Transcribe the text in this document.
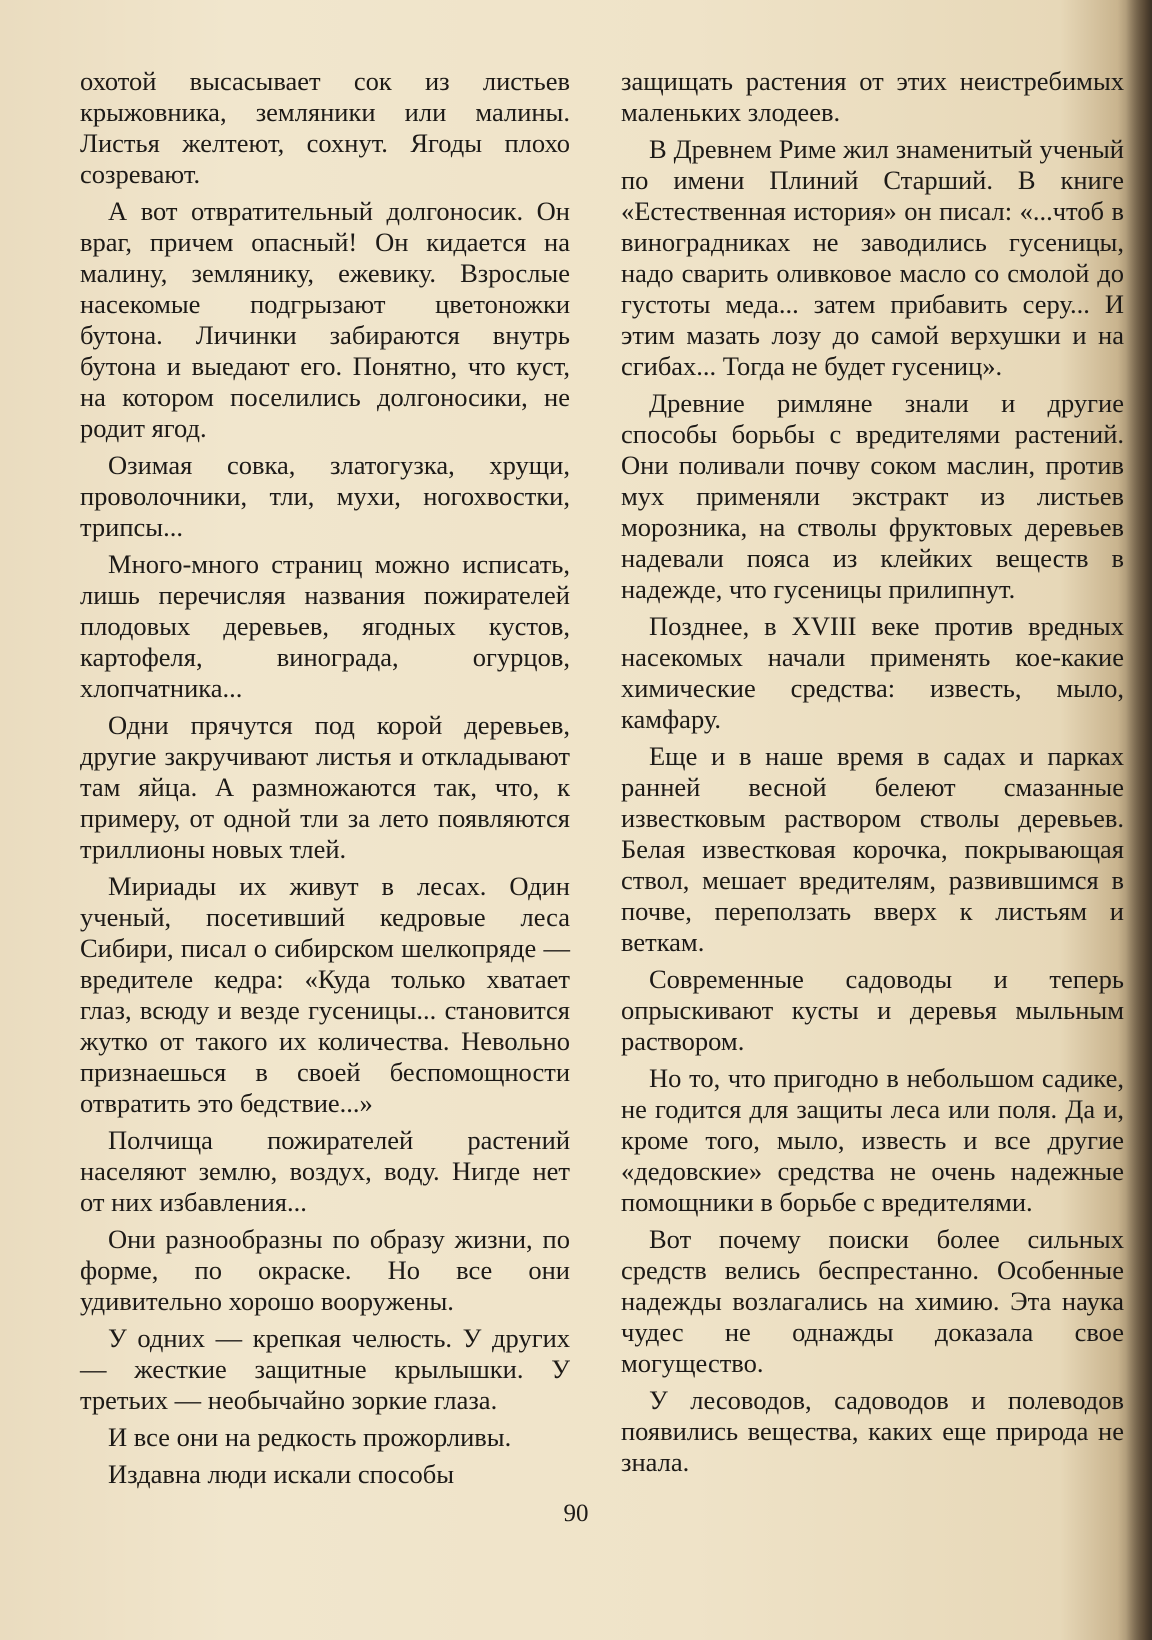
охотой высасывает сок из листьев крыжовника, земляники или малины. Листья желтеют, сохнут. Ягоды плохо созревают.

А вот отвратительный долгоносик. Он враг, причем опасный! Он кидается на малину, землянику, ежевику. Взрослые насекомые подгрызают цветоножки бутона. Личинки забираются внутрь бутона и выедают его. Понятно, что куст, на котором поселились долгоносики, не родит ягод.

Озимая совка, златогузка, хрущи, проволочники, тли, мухи, ногохвостки, трипсы...

Много-много страниц можно исписать, лишь перечисляя названия пожирателей плодовых деревьев, ягодных кустов, картофеля, винограда, огурцов, хлопчатника...

Одни прячутся под корой деревьев, другие закручивают листья и откладывают там яйца. А размножаются так, что, к примеру, от одной тли за лето появляются триллионы новых тлей.

Мириады их живут в лесах. Один ученый, посетивший кедровые леса Сибири, писал о сибирском шелкопряде — вредителе кедра: «Куда только хватает глаз, всюду и везде гусеницы... становится жутко от такого их количества. Невольно признаешься в своей беспомощности отвратить это бедствие...»

Полчища пожирателей растений населяют землю, воздух, воду. Нигде нет от них избавления...

Они разнообразны по образу жизни, по форме, по окраске. Но все они удивительно хорошо вооружены.

У одних — крепкая челюсть. У других — жесткие защитные крылышки. У третьих — необычайно зоркие глаза.

И все они на редкость прожорливы.

Издавна люди искали способы

защищать растения от этих неистребимых маленьких злодеев.

В Древнем Риме жил знаменитый ученый по имени Плиний Старший. В книге «Естественная история» он писал: «...чтоб в виноградниках не заводились гусеницы, надо сварить оливковое масло со смолой до густоты меда... затем прибавить серу... И этим мазать лозу до самой верхушки и на сгибах... Тогда не будет гусениц».

Древние римляне знали и другие способы борьбы с вредителями растений. Они поливали почву соком маслин, против мух применяли экстракт из листьев морозника, на стволы фруктовых деревьев надевали пояса из клейких веществ в надежде, что гусеницы прилипнут.

Позднее, в XVIII веке против вредных насекомых начали применять кое-какие химические средства: известь, мыло, камфару.

Еще и в наше время в садах и парках ранней весной белеют смазанные известковым раствором стволы деревьев. Белая известковая корочка, покрывающая ствол, мешает вредителям, развившимся в почве, переползать вверх к листьям и веткам.

Современные садоводы и теперь опрыскивают кусты и деревья мыльным раствором.

Но то, что пригодно в небольшом садике, не годится для защиты леса или поля. Да и, кроме того, мыло, известь и все другие «дедовские» средства не очень надежные помощники в борьбе с вредителями.

Вот почему поиски более сильных средств велись беспрестанно. Особенные надежды возлагались на химию. Эта наука чудес не однажды доказала свое могущество.

У лесоводов, садоводов и полеводов появились вещества, каких еще природа не знала.

90
